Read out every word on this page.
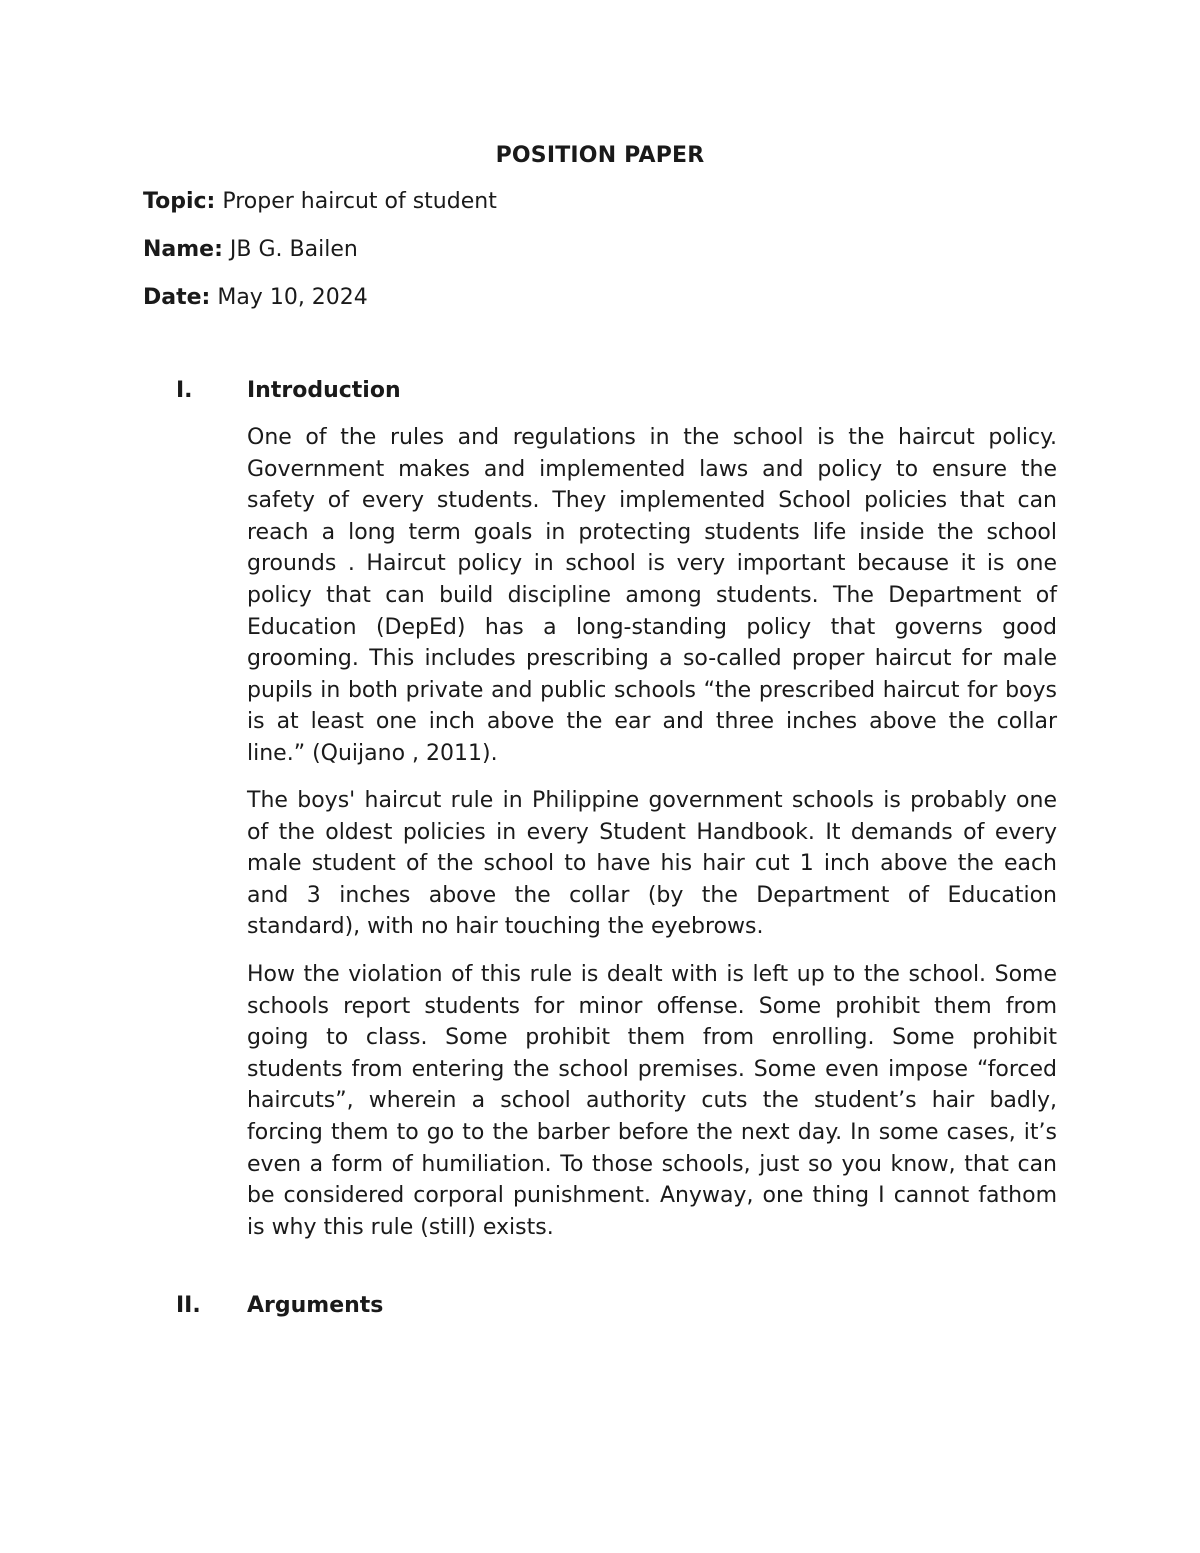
POSITION PAPER
Topic: Proper haircut of student
Name: JB G. Bailen
Date: May 10, 2024
I. Introduction

One of the rules and regulations in the school is the haircut policy. Government makes and implemented laws and policy to ensure the safety of every students. They implemented School policies that can reach a long term goals in protecting students life inside the school grounds . Haircut policy in school is very important because it is one policy that can build discipline among students. The Department of Education (DepEd) has a long-standing policy that governs good grooming. This includes prescribing a so-called proper haircut for male pupils in both private and public schools “the prescribed haircut for boys is at least one inch above the ear and three inches above the collar line.” (Quijano , 2011).

The boys' haircut rule in Philippine government schools is probably one of the oldest policies in every Student Handbook. It demands of every male student of the school to have his hair cut 1 inch above the each and 3 inches above the collar (by the Department of Education standard), with no hair touching the eyebrows.

How the violation of this rule is dealt with is left up to the school. Some schools report students for minor offense. Some prohibit them from going to class. Some prohibit them from enrolling. Some prohibit students from entering the school premises. Some even impose “forced haircuts”, wherein a school authority cuts the student’s hair badly, forcing them to go to the barber before the next day. In some cases, it’s even a form of humiliation. To those schools, just so you know, that can be considered corporal punishment. Anyway, one thing I cannot fathom is why this rule (still) exists.

II. Arguments
